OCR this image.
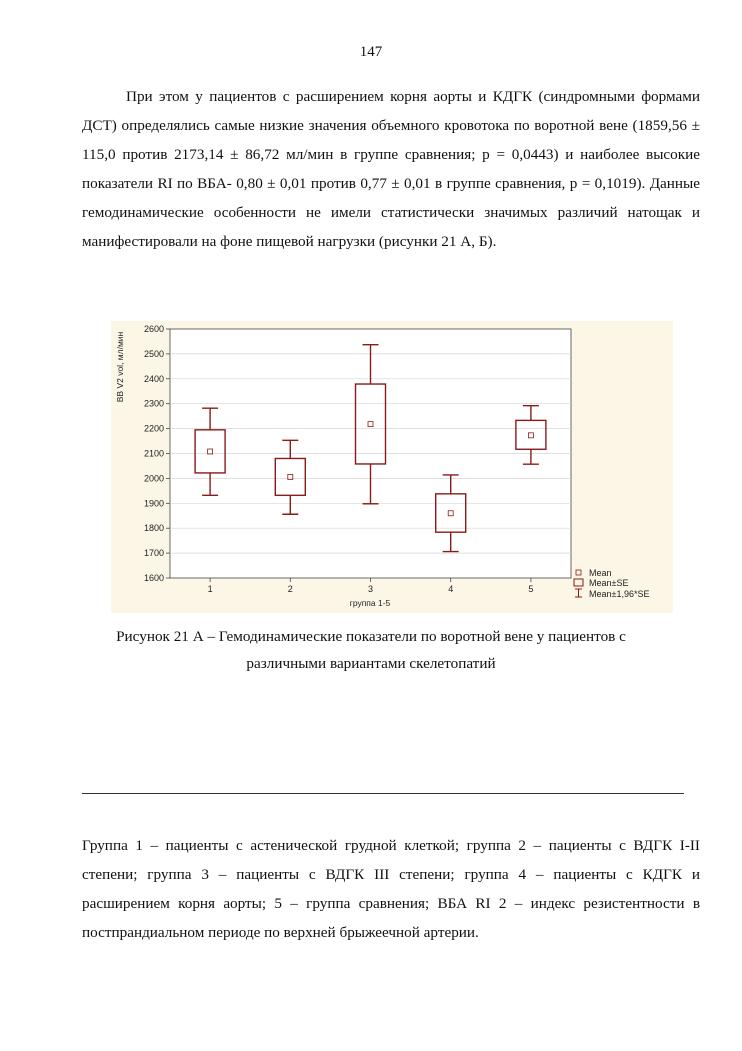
147

При этом у пациентов с расширением корня аорты и КДГК (синдромными формами ДСТ) определялись самые низкие значения объемного кровотока по воротной вене (1859,56 ± 115,0 против 2173,14 ± 86,72 мл/мин в группе сравнения; р = 0,0443) и наиболее высокие показатели RI по ВБА- 0,80 ± 0,01 против 0,77 ± 0,01 в группе сравнения, р = 0,1019). Данные гемодинамические особенности не имели статистически значимых различий натощак и манифестировали на фоне пищевой нагрузки (рисунки 21 А, Б).

1600
1700
1800
1900
2000
2100
2200
2300
2400
2500
2600
1	2	3	4	5
группа 1-5
ВВ V2 vol, мл/мин
Mean
Mean±SE
Mean±1,96*SE

Рисунок 21 А – Гемодинамические показатели по воротной вене у пациентов с
различными вариантами скелетопатий

Группа 1 – пациенты с астенической грудной клеткой; группа 2 – пациенты с ВДГК I-II степени; группа 3 – пациенты с ВДГК III степени; группа 4 – пациенты с КДГК и расширением корня аорты; 5 – группа сравнения; ВБА RI 2 – индекс резистентности в постпрандиальном периоде по верхней брыжеечной артерии.
